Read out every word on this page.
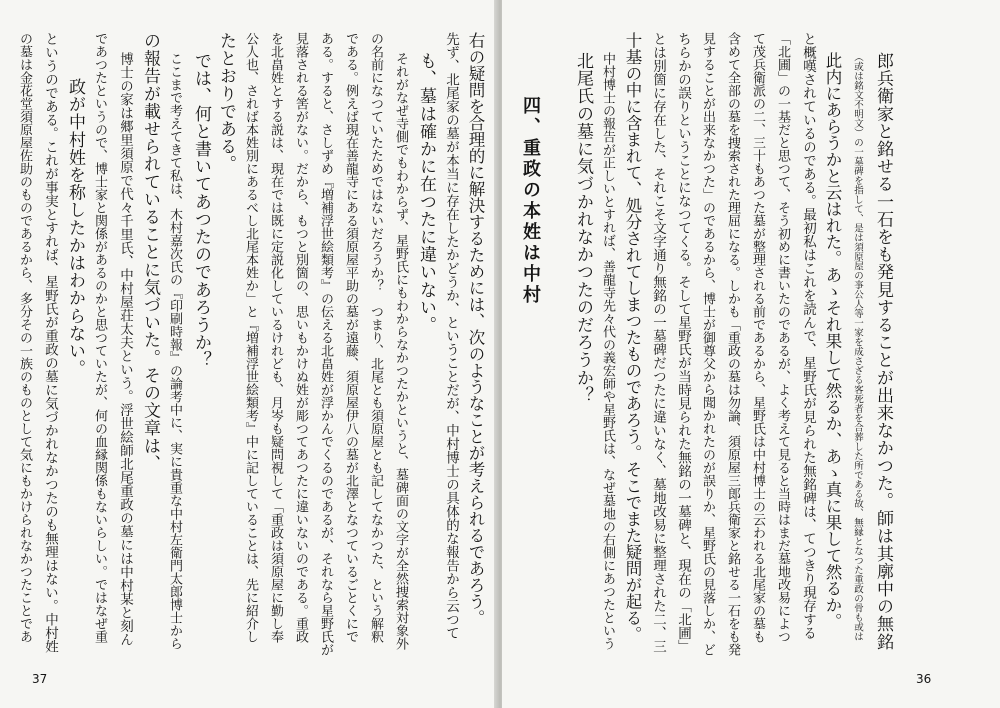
の墓は金花堂須原屋佐助のものであるから、多分その一族のものとして気にもかけられなかつたことであ というのである。これが事実とすれば、星野氏が重政の墓に気づかれなかつたのも無理はない。中村姓 政が中村姓を称したかはわからない。 であつたというので、博士家と関係があるのかと思つていたが、何の血縁関係もないらしい。ではなぜ重 博士の家は郷里須原で代々千里氏、中村屋荘太夫という。浮世絵師北尾重政の墓には中村某と刻ん の報告が載せられていることに気づいた。その文章は、 ここまで考えてきて私は、木村嘉次氏の『印刷時報』の論考中に、実に貴重な中村左衛門太郎博士から では、何と書いてあつたのであろうか？ たとおりである。 公人也、されば本姓別にあるべし北尾本姓か」と『増補浮世絵類考』中に記していることは、先に紹介し を北畠姓とする説は、現在では既に定説化しているけれども、月岑も疑問視して「重政は須原屋に勤し奉 見落される筈がない。だから、もつと別箇の、思いもかけぬ姓が彫つてあつたに違いないのである。重政 ある。すると、さしずめ『増補浮世絵類考』の伝える北畠姓が浮かんでくるのであるが、それなら星野氏が である。例えば現在善龍寺にある須原屋平助の墓が遠藤、須原屋伊八の墓が北澤となつているごとくにで の名前になつていたためではないだろうか？　つまり、北尾とも須原屋とも記してなかつた、という解釈 それがなぜ寺側でもわからず、星野氏にもわからなかつたかというと、墓碑面の文字が全然捜索対象外 も、墓は確かに在つたに違いない。 先ず、北尾家の墓が本当に存在したかどうか、ということだが、中村博士の具体的な報告から云つて 右の疑問を合理的に解決するためには、次のようなことが考えられるであろう。
37
四、重政の本姓は中村	北尾氏の墓に気づかれなかつたのだろうか？ 中村博士の報告が正しいとすれば、善龍寺先々代の義宏師や星野氏は、なぜ墓地の右側にあつたという 十基の中に含まれて、処分されてしまつたものであろう。そこでまた疑問が起る。 とは別箇に存在した、それこそ文字通り無銘の一墓碑だつたに違いなく、墓地改易に整理された二、三 ちらかの誤りということになつてくる。そして星野氏が当時見られた無銘の一墓碑と、現在の「北圃」 見することが出来なかつた」のであるから、博士が御尊父から聞かれたのが誤りか、星野氏の見落しか、ど 含めて全部の墓を捜索された理屈になる。しかも「重政の墓は勿論、須原屋三郎兵衛家と銘せる一石をも発 て茂兵衛派の二、三十もあつた墓が整理される前であるから、星野氏は中村博士の云われる北尾家の墓も 「北圃」の一基だと思つて、そう初めに書いたのであるが、よく考えて見ると当時はまだ墓地改易によつ と概嘆されているのである。最初私はこれを読んで、星野氏が見られた無銘碑は、てつきり現存する 此内にあらうかと云はれた。あゝそれ果して然るか、あゝ真に果して然るか。	（或は銘文不明文）の一墓碑を指して、是は須原屋の亊公人等一家を成さざる客死者を合葬した所である故、無縁となつた重政の骨も或は 郎兵衛家と銘せる一石をも発見することが出来なかつた。師は其廓中の無銘
36
